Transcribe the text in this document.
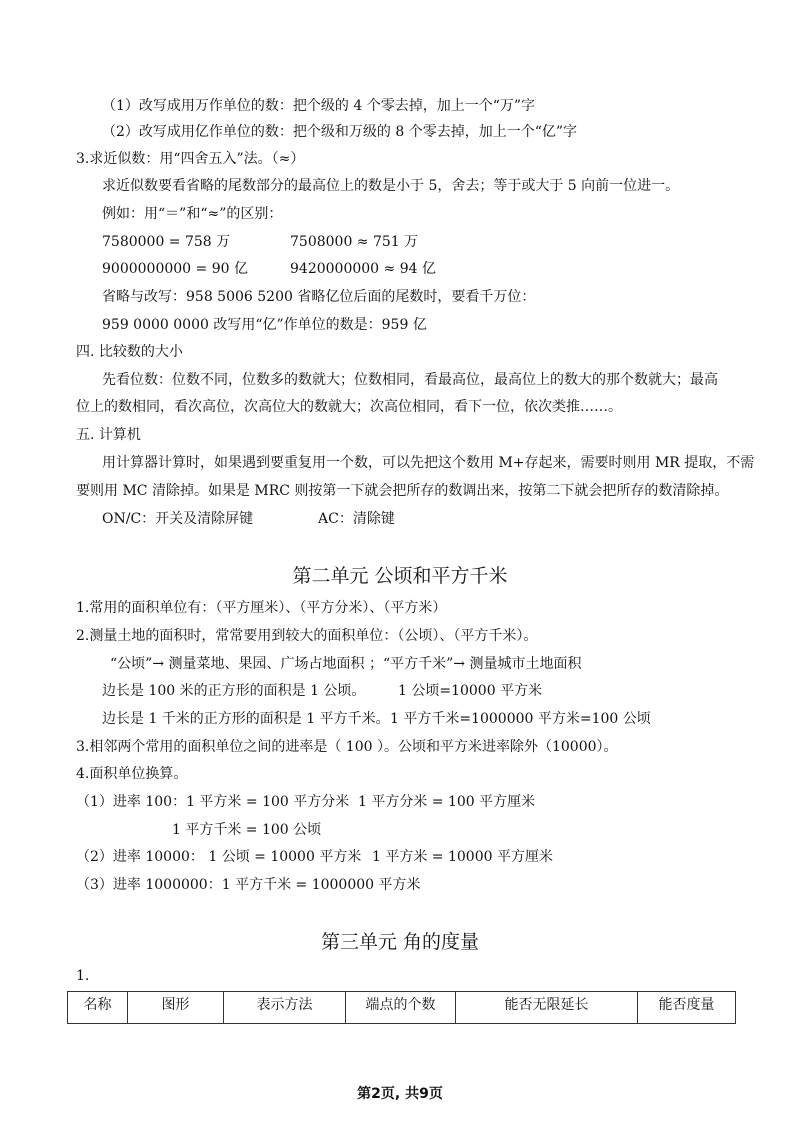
（1）改写成用万作单位的数：把个级的 4 个零去掉，加上一个“万”字
（2）改写成用亿作单位的数：把个级和万级的 8 个零去掉，加上一个“亿”字
3.求近似数：用“四舍五入”法。（≈）
求近似数要看省略的尾数部分的最高位上的数是小于 5，舍去；等于或大于 5 向前一位进一。
例如：用“＝”和“≈”的区别：
7580000 = 758 万	7508000 ≈ 751 万
9000000000 = 90 亿	9420000000 ≈ 94 亿
省略与改写：958 5006 5200 省略亿位后面的尾数时，要看千万位：
959 0000 0000 改写用“亿”作单位的数是：959 亿
四. 比较数的大小
先看位数：位数不同，位数多的数就大；位数相同，看最高位，最高位上的数大的那个数就大；最高
位上的数相同，看次高位，次高位大的数就大；次高位相同，看下一位，依次类推……。
五. 计算机
用计算器计算时，如果遇到要重复用一个数，可以先把这个数用 M+存起来，需要时则用 MR 提取，不需
要则用 MC 清除掉。如果是 MRC 则按第一下就会把所存的数调出来，按第二下就会把所存的数清除掉。
ON/C：开关及清除屏键	AC：清除键
第二单元 公顷和平方千米
1.常用的面积单位有：（平方厘米）、（平方分米）、（平方米）
2.测量土地的面积时，常常要用到较大的面积单位：（公顷）、（平方千米）。
“公顷”→ 测量菜地、果园、广场占地面积 ；“平方千米”→ 测量城市土地面积
边长是 100 米的正方形的面积是 1 公顷。 1 公顷=10000 平方米
边长是 1 千米的正方形的面积是 1 平方千米。 1 平方千米=1000000 平方米=100 公顷
3.相邻两个常用的面积单位之间的进率是（ 100 ）。公顷和平方米进率除外（10000）。
4.面积单位换算。
（1）进率 100：1 平方米 = 100 平方分米 1 平方分米 = 100 平方厘米
1 平方千米 = 100 公顷
（2）进率 10000： 1 公顷 = 10000 平方米 1 平方米 = 10000 平方厘米
（3）进率 1000000：1 平方千米 = 1000000 平方米
第三单元 角的度量
1.
名称	图形	表示方法	端点的个数	能否无限延长	能否度量
第2页, 共9页
